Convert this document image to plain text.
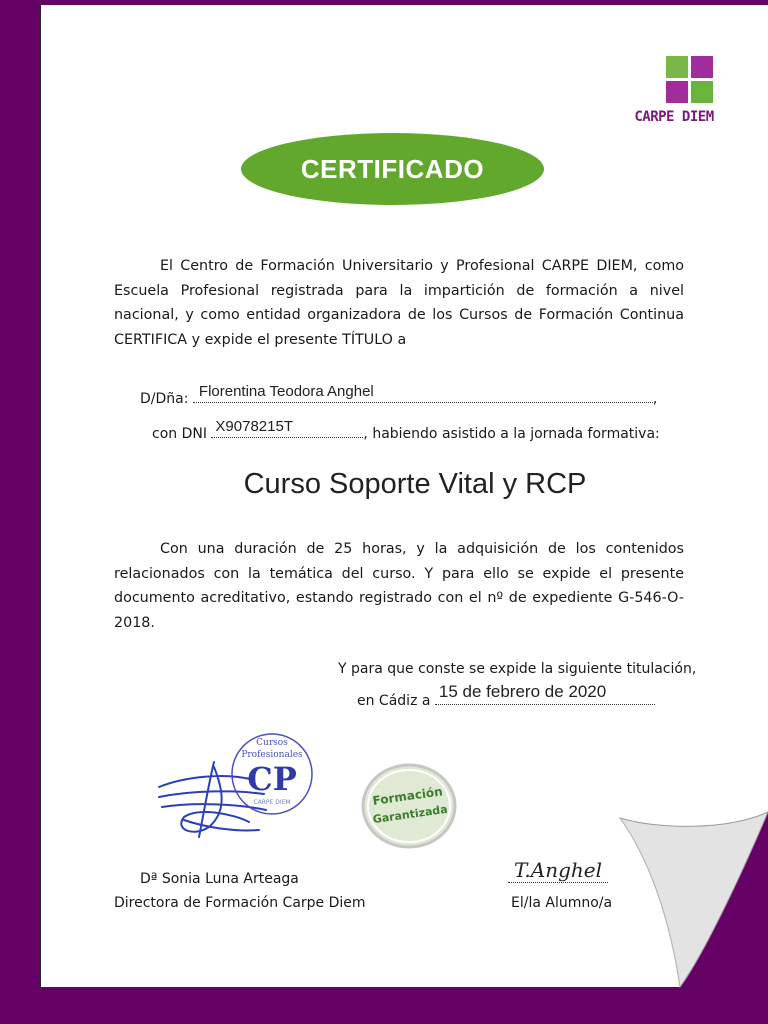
CARPE DIEM
CERTIFICADO
El Centro de Formación Universitario y Profesional CARPE DIEM, como Escuela Profesional registrada para la impartición de formación a nivel nacional, y como entidad organizadora de los Cursos de Formación Continua CERTIFICA y expide el presente TÍTULO a
D/Dña: Florentina Teodora Anghel	,
con DNI X9078215T	, habiendo asistido a la jornada formativa:
Curso Soporte Vital y RCP
Con una duración de 25 horas, y la adquisición de los contenidos relacionados con la temática del curso. Y para ello se expide el presente documento acreditativo, estando registrado con el nº de expediente G-546-O-2018.
Y para que conste se expide la siguiente titulación,
en Cádiz a 15 de febrero de 2020
Cursos
Profesionales
CP
CARPE DIEM	Formación
Garantizada
T.Anghel
Dª Sonia Luna Arteaga
Directora de Formación Carpe Diem	El/la Alumno/a
